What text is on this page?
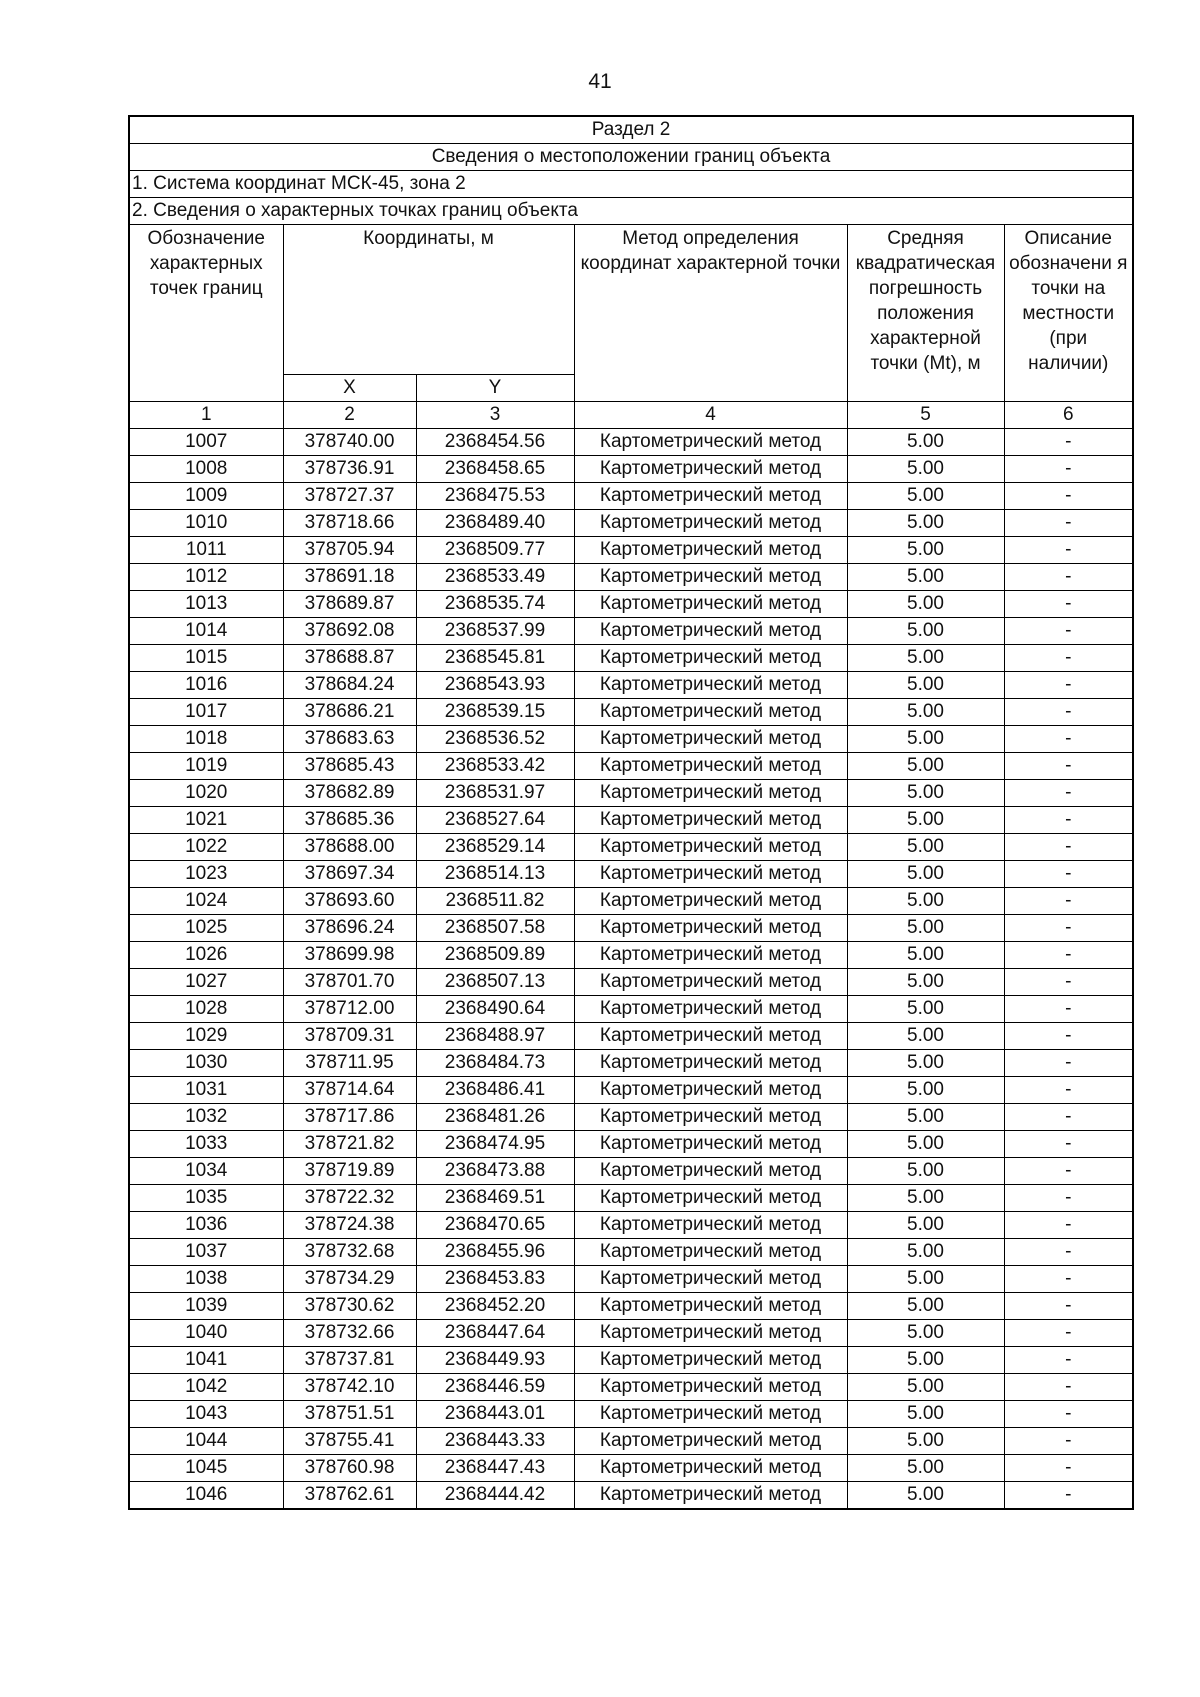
41
Раздел 2					
Сведения о местоположении границ объекта					
1. Система координат МСК-45, зона 2					
2. Сведения о характерных точках границ объекта					
Обозначение характерных точек границ	Координаты, м		Метод определения координат характерной точки	Средняя квадратическая погрешность положения характерной точки (Mt), м	Описание обозначени я точки на местности (при наличии)
	X	Y			
1	2	3	4	5	6
1007	378740.00	2368454.56	Картометрический метод	5.00	-
1008	378736.91	2368458.65	Картометрический метод	5.00	-
1009	378727.37	2368475.53	Картометрический метод	5.00	-
1010	378718.66	2368489.40	Картометрический метод	5.00	-
1011	378705.94	2368509.77	Картометрический метод	5.00	-
1012	378691.18	2368533.49	Картометрический метод	5.00	-
1013	378689.87	2368535.74	Картометрический метод	5.00	-
1014	378692.08	2368537.99	Картометрический метод	5.00	-
1015	378688.87	2368545.81	Картометрический метод	5.00	-
1016	378684.24	2368543.93	Картометрический метод	5.00	-
1017	378686.21	2368539.15	Картометрический метод	5.00	-
1018	378683.63	2368536.52	Картометрический метод	5.00	-
1019	378685.43	2368533.42	Картометрический метод	5.00	-
1020	378682.89	2368531.97	Картометрический метод	5.00	-
1021	378685.36	2368527.64	Картометрический метод	5.00	-
1022	378688.00	2368529.14	Картометрический метод	5.00	-
1023	378697.34	2368514.13	Картометрический метод	5.00	-
1024	378693.60	2368511.82	Картометрический метод	5.00	-
1025	378696.24	2368507.58	Картометрический метод	5.00	-
1026	378699.98	2368509.89	Картометрический метод	5.00	-
1027	378701.70	2368507.13	Картометрический метод	5.00	-
1028	378712.00	2368490.64	Картометрический метод	5.00	-
1029	378709.31	2368488.97	Картометрический метод	5.00	-
1030	378711.95	2368484.73	Картометрический метод	5.00	-
1031	378714.64	2368486.41	Картометрический метод	5.00	-
1032	378717.86	2368481.26	Картометрический метод	5.00	-
1033	378721.82	2368474.95	Картометрический метод	5.00	-
1034	378719.89	2368473.88	Картометрический метод	5.00	-
1035	378722.32	2368469.51	Картометрический метод	5.00	-
1036	378724.38	2368470.65	Картометрический метод	5.00	-
1037	378732.68	2368455.96	Картометрический метод	5.00	-
1038	378734.29	2368453.83	Картометрический метод	5.00	-
1039	378730.62	2368452.20	Картометрический метод	5.00	-
1040	378732.66	2368447.64	Картометрический метод	5.00	-
1041	378737.81	2368449.93	Картометрический метод	5.00	-
1042	378742.10	2368446.59	Картометрический метод	5.00	-
1043	378751.51	2368443.01	Картометрический метод	5.00	-
1044	378755.41	2368443.33	Картометрический метод	5.00	-
1045	378760.98	2368447.43	Картометрический метод	5.00	-
1046	378762.61	2368444.42	Картометрический метод	5.00	-
